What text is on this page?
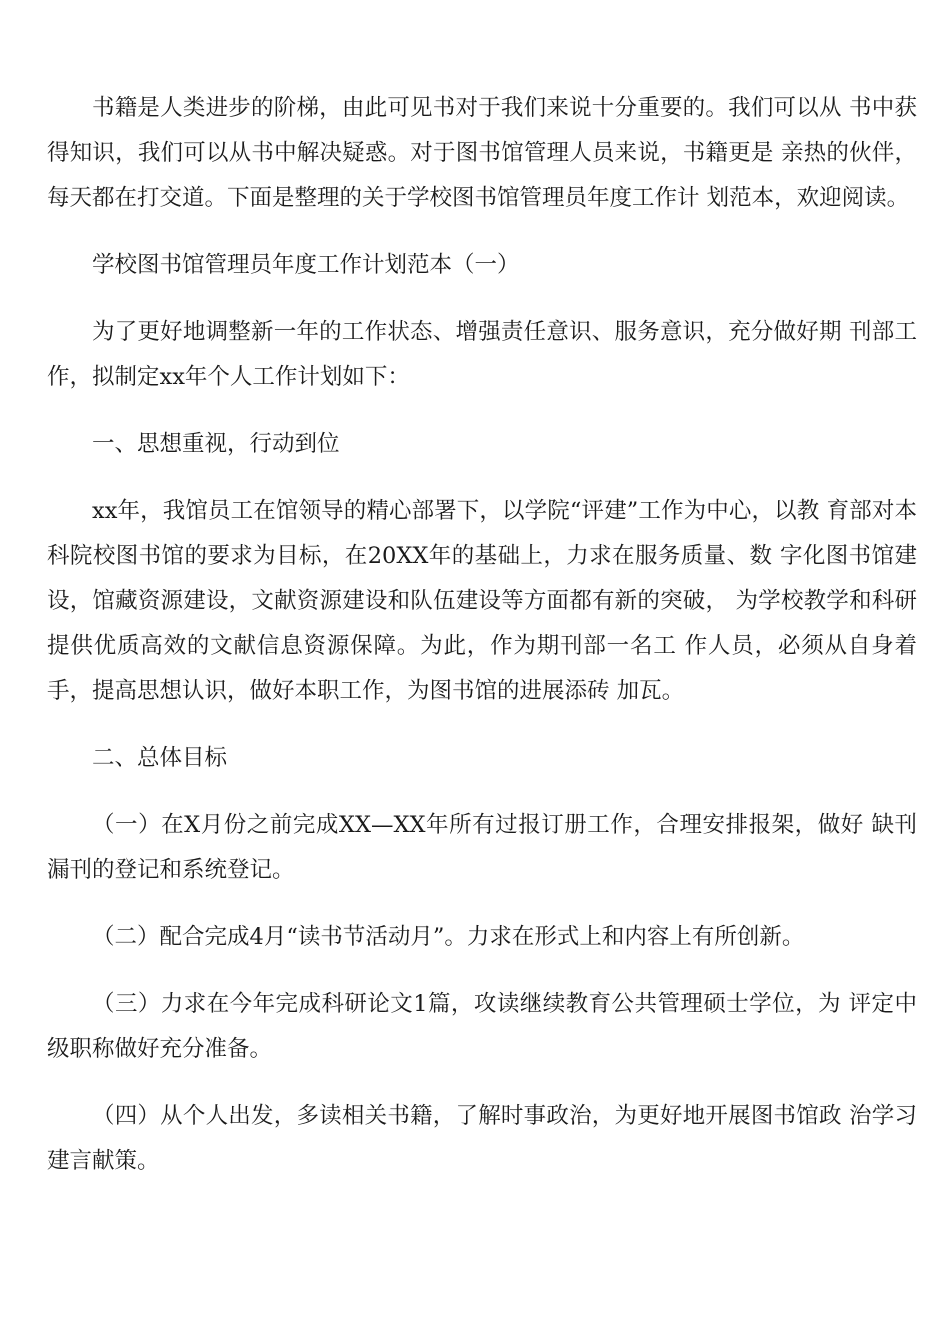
书籍是人类进步的阶梯，由此可见书对于我们来说十分重要的。我们可以从 书中获得知识，我们可以从书中解决疑惑。对于图书馆管理人员来说，书籍更是 亲热的伙伴，每天都在打交道。下面是整理的关于学校图书馆管理员年度工作计 划范本，欢迎阅读。

学校图书馆管理员年度工作计划范本（一）

为了更好地调整新一年的工作状态、增强责任意识、服务意识，充分做好期 刊部工作，拟制定xx年个人工作计划如下：

一、思想重视，行动到位

xx年，我馆员工在馆领导的精心部署下，以学院“评建”工作为中心，以教 育部对本科院校图书馆的要求为目标，在20XX年的基础上，力求在服务质量、数 字化图书馆建设，馆藏资源建设，文献资源建设和队伍建设等方面都有新的突破， 为学校教学和科研提供优质高效的文献信息资源保障。为此，作为期刊部一名工 作人员，必须从自身着手，提高思想认识，做好本职工作，为图书馆的进展添砖 加瓦。

二、总体目标

（一）在X月份之前完成XX—XX年所有过报订册工作，合理安排报架，做好 缺刊漏刊的登记和系统登记。

（二）配合完成4月“读书节活动月”。力求在形式上和内容上有所创新。

（三）力求在今年完成科研论文1篇，攻读继续教育公共管理硕士学位，为 评定中级职称做好充分准备。

（四）从个人出发，多读相关书籍，了解时事政治，为更好地开展图书馆政 治学习建言献策。
